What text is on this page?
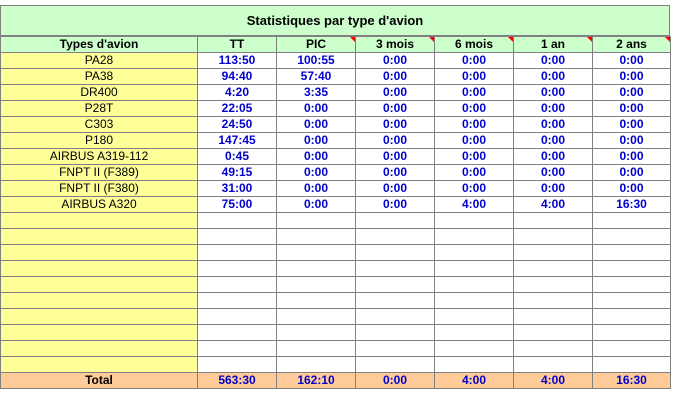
Statistiques par type d'avion
Types d'avion	TT	PIC	3 mois	6 mois	1 an	2 ans
PA28	113:50	100:55	0:00	0:00	0:00	0:00
PA38	94:40	57:40	0:00	0:00	0:00	0:00
DR400	4:20	3:35	0:00	0:00	0:00	0:00
P28T	22:05	0:00	0:00	0:00	0:00	0:00
C303	24:50	0:00	0:00	0:00	0:00	0:00
P180	147:45	0:00	0:00	0:00	0:00	0:00
AIRBUS A319-112	0:45	0:00	0:00	0:00	0:00	0:00
FNPT II (F389)	49:15	0:00	0:00	0:00	0:00	0:00
FNPT II (F380)	31:00	0:00	0:00	0:00	0:00	0:00
AIRBUS A320	75:00	0:00	0:00	4:00	4:00	16:30

Total	563:30	162:10	0:00	4:00	4:00	16:30
